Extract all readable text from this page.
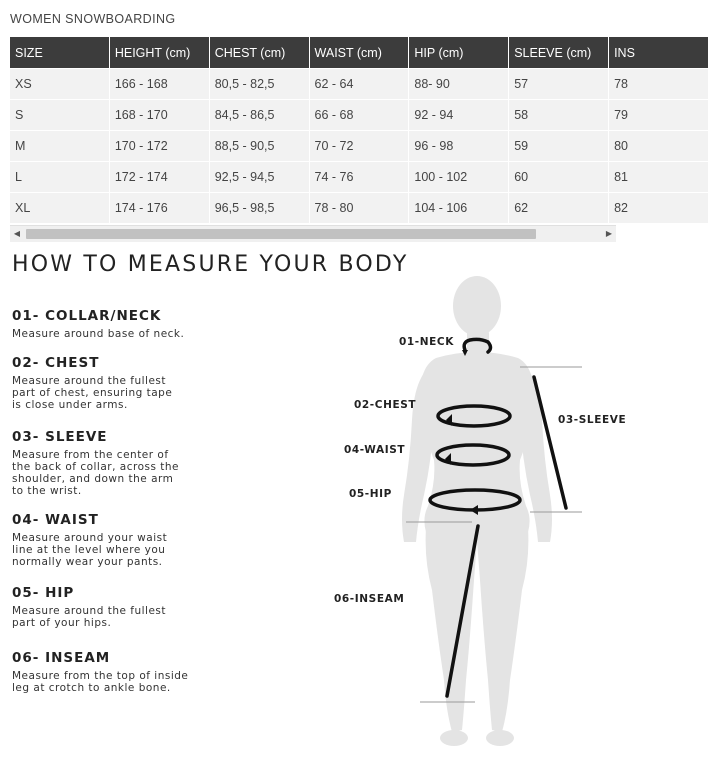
WOMEN SNOWBOARDING
SIZE	HEIGHT (cm)	CHEST (cm)	WAIST (cm)	HIP (cm)	SLEEVE (cm)	INS
XS	166 - 168	80,5 - 82,5	62 - 64	88- 90	57	78
S	168 - 170	84,5 - 86,5	66 - 68	92 - 94	58	79
M	170 - 172	88,5 - 90,5	70 - 72	96 - 98	59	80
L	172 - 174	92,5 - 94,5	74 - 76	100 - 102	60	81
XL	174 - 176	96,5 - 98,5	78 - 80	104 - 106	62	82
◀	▶
HOW TO MEASURE YOUR BODY
01- COLLAR/NECK
Measure around base of neck.
02- CHEST
Measure around the fullest
part of chest, ensuring tape
is close under arms.
03- SLEEVE
Measure from the center of
the back of collar, across the
shoulder, and down the arm
to the wrist.
04- WAIST
Measure around your waist
line at the level where you
normally wear your pants.
05- HIP
Measure around the fullest
part of your hips.
06- INSEAM
Measure from the top of inside
leg at crotch to ankle bone.
01-NECK
02-CHEST
03-SLEEVE
04-WAIST
05-HIP
06-INSEAM
